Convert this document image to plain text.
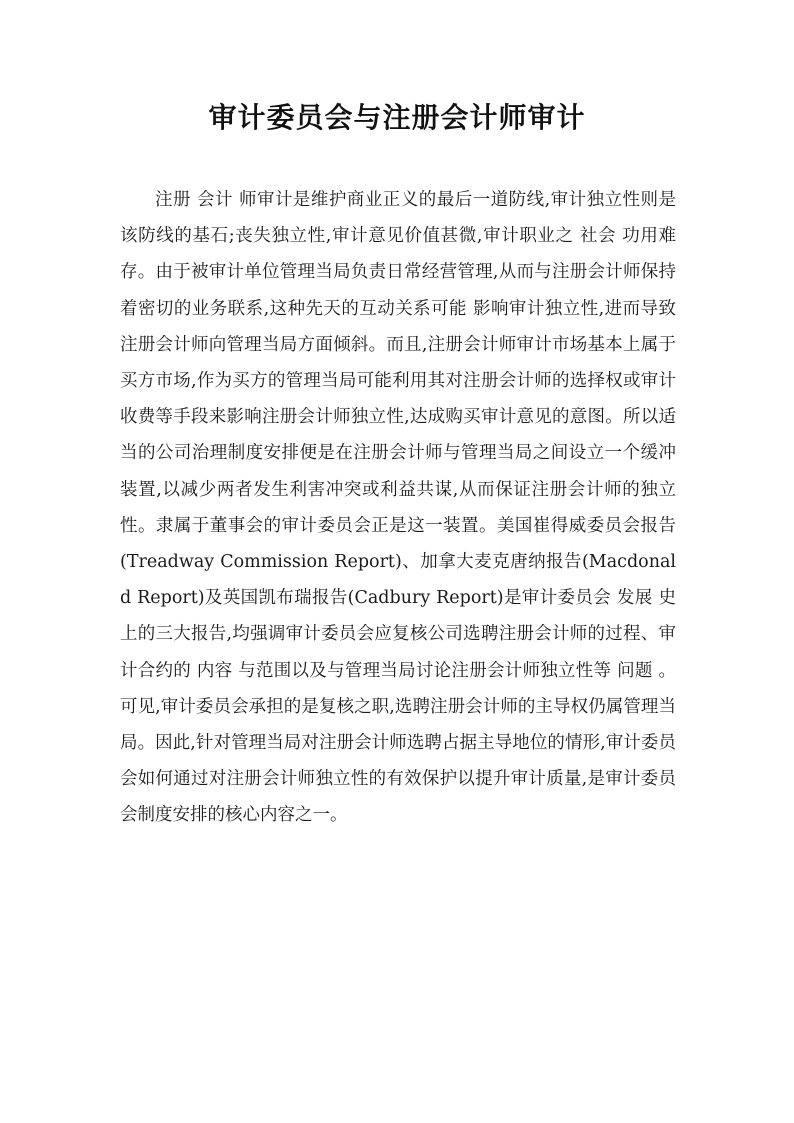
审计委员会与注册会计师审计

注册 会计 师审计是维护商业正义的最后一道防线,审计独立性则是该防线的基石;丧失独立性,审计意见价值甚微,审计职业之 社会 功用难存。由于被审计单位管理当局负责日常经营管理,从而与注册会计师保持着密切的业务联系,这种先天的互动关系可能 影响审计独立性,进而导致注册会计师向管理当局方面倾斜。而且,注册会计师审计市场基本上属于买方市场,作为买方的管理当局可能利用其对注册会计师的选择权或审计收费等手段来影响注册会计师独立性,达成购买审计意见的意图。所以适当的公司治理制度安排便是在注册会计师与管理当局之间设立一个缓冲装置,以减少两者发生利害冲突或利益共谋,从而保证注册会计师的独立性。隶属于董事会的审计委员会正是这一装置。美国崔得威委员会报告(Treadway Commission Report)、加拿大麦克唐纳报告(Macdonald Report)及英国凯布瑞报告(Cadbury Report)是审计委员会 发展 史上的三大报告,均强调审计委员会应复核公司选聘注册会计师的过程、审计合约的 内容 与范围以及与管理当局讨论注册会计师独立性等 问题 。可见,审计委员会承担的是复核之职,选聘注册会计师的主导权仍属管理当局。因此,针对管理当局对注册会计师选聘占据主导地位的情形,审计委员会如何通过对注册会计师独立性的有效保护以提升审计质量,是审计委员会制度安排的核心内容之一。
